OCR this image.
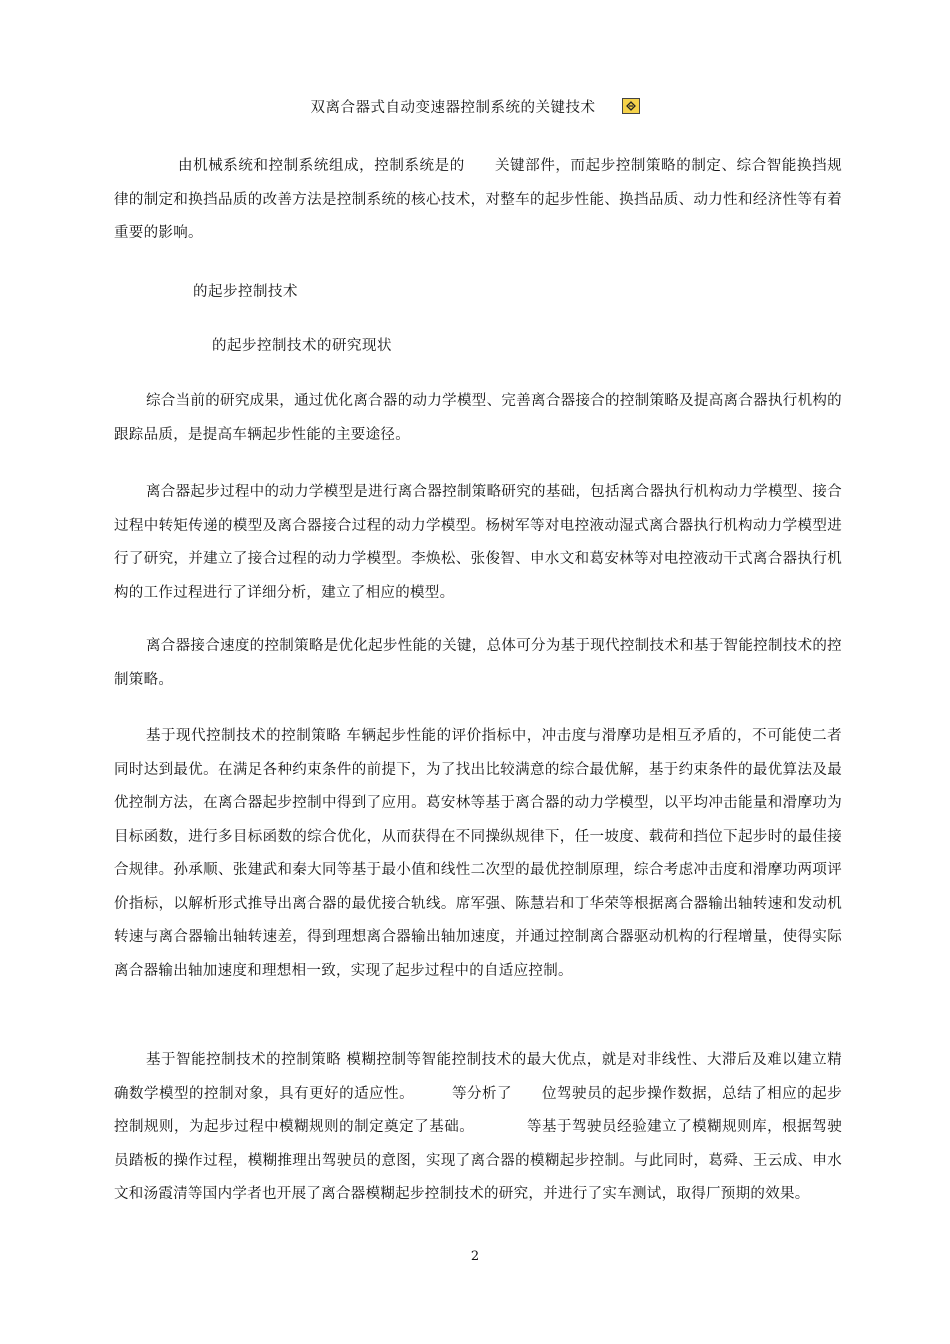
双离合器式自动变速器控制系统的关键技术
由机械系统和控制系统组成，控制系统是的　　关键部件，而起步控制策略的制定、综合智能换挡规律的制定和换挡品质的改善方法是控制系统的核心技术，对整车的起步性能、换挡品质、动力性和经济性等有着重要的影响。
的起步控制技术
的起步控制技术的研究现状
综合当前的研究成果，通过优化离合器的动力学模型、完善离合器接合的控制策略及提高离合器执行机构的跟踪品质，是提高车辆起步性能的主要途径。
离合器起步过程中的动力学模型是进行离合器控制策略研究的基础，包括离合器执行机构动力学模型、接合过程中转矩传递的模型及离合器接合过程的动力学模型。杨树军等对电控液动湿式离合器执行机构动力学模型进行了研究，并建立了接合过程的动力学模型。李焕松、张俊智、申水文和葛安林等对电控液动干式离合器执行机构的工作过程进行了详细分析，建立了相应的模型。
离合器接合速度的控制策略是优化起步性能的关键，总体可分为基于现代控制技术和基于智能控制技术的控制策略。
基于现代控制技术的控制策略 车辆起步性能的评价指标中，冲击度与滑摩功是相互矛盾的，不可能使二者同时达到最优。在满足各种约束条件的前提下，为了找出比较满意的综合最优解，基于约束条件的最优算法及最优控制方法，在离合器起步控制中得到了应用。葛安林等基于离合器的动力学模型，以平均冲击能量和滑摩功为目标函数，进行多目标函数的综合优化，从而获得在不同操纵规律下，任一坡度、载荷和挡位下起步时的最佳接合规律。孙承顺、张建武和秦大同等基于最小值和线性二次型的最优控制原理，综合考虑冲击度和滑摩功两项评价指标，以解析形式推导出离合器的最优接合轨线。席军强、陈慧岩和丁华荣等根据离合器输出轴转速和发动机转速与离合器输出轴转速差，得到理想离合器输出轴加速度，并通过控制离合器驱动机构的行程增量，使得实际离合器输出轴加速度和理想相一致，实现了起步过程中的自适应控制。
基于智能控制技术的控制策略 模糊控制等智能控制技术的最大优点，就是对非线性、大滞后及难以建立精确数学模型的控制对象，具有更好的适应性。　　　等分析了　　位驾驶员的起步操作数据，总结了相应的起步控制规则，为起步过程中模糊规则的制定奠定了基础。　　　　等基于驾驶员经验建立了模糊规则库，根据驾驶员踏板的操作过程，模糊推理出驾驶员的意图，实现了离合器的模糊起步控制。与此同时，葛舜、王云成、申水文和汤霞清等国内学者也开展了离合器模糊起步控制技术的研究，并进行了实车测试，取得厂预期的效果。
2
